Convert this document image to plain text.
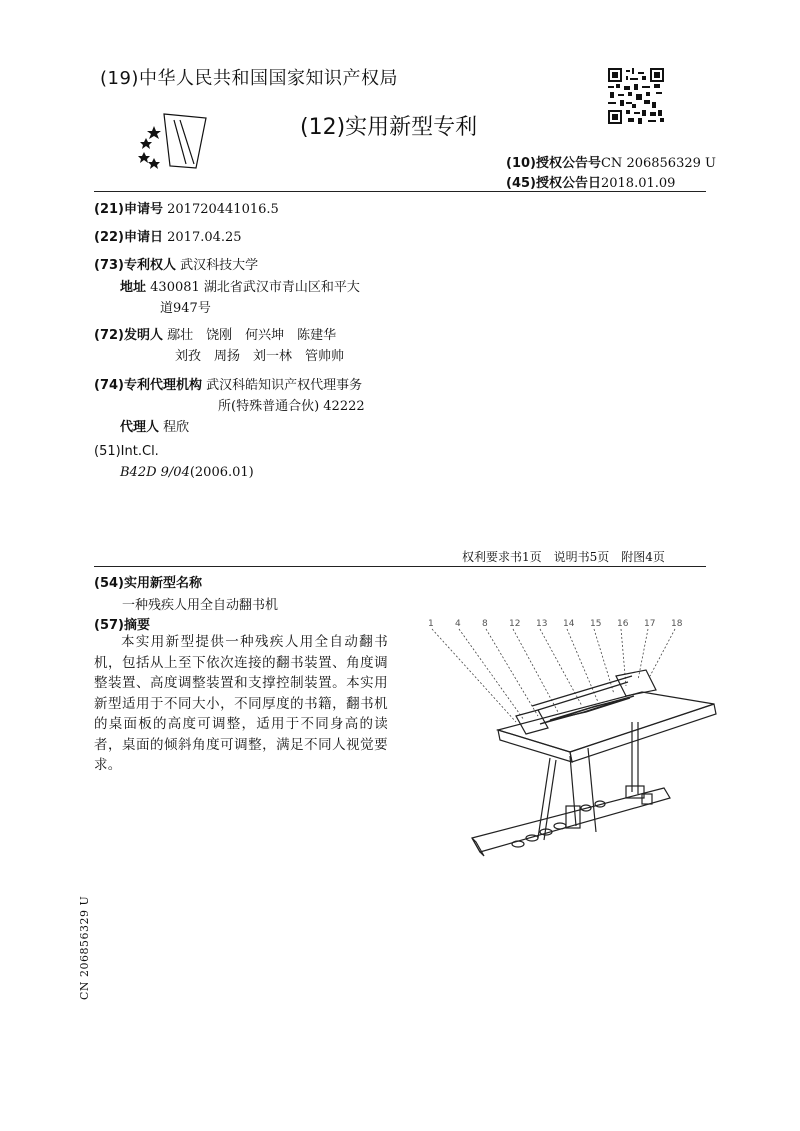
(19)中华人民共和国国家知识产权局
(12)实用新型专利
(10)授权公告号CN 206856329 U
(45)授权公告日2018.01.09
(21)申请号 201720441016.5
(22)申请日 2017.04.25
(73)专利权人 武汉科技大学
地址 430081 湖北省武汉市青山区和平大
道947号
(72)发明人 鄢壮　饶刚　何兴坤　陈建华
刘孜　周扬　刘一林　管帅帅
(74)专利代理机构 武汉科皓知识产权代理事务
所(特殊普通合伙) 42222
代理人 程欣
(51)Int.Cl.
B42D 9/04(2006.01)
权利要求书1页　说明书5页　附图4页
(54)实用新型名称
一种残疾人用全自动翻书机
(57)摘要
本实用新型提供一种残疾人用全自动翻书机，包括从上至下依次连接的翻书装置、角度调整装置、高度调整装置和支撑控制装置。本实用新型适用于不同大小，不同厚度的书籍，翻书机的桌面板的高度可调整，适用于不同身高的读者，桌面的倾斜角度可调整，满足不同人视觉要求。
1 4 8 12 13 14 15 16 17 18
CN 206856329 U
